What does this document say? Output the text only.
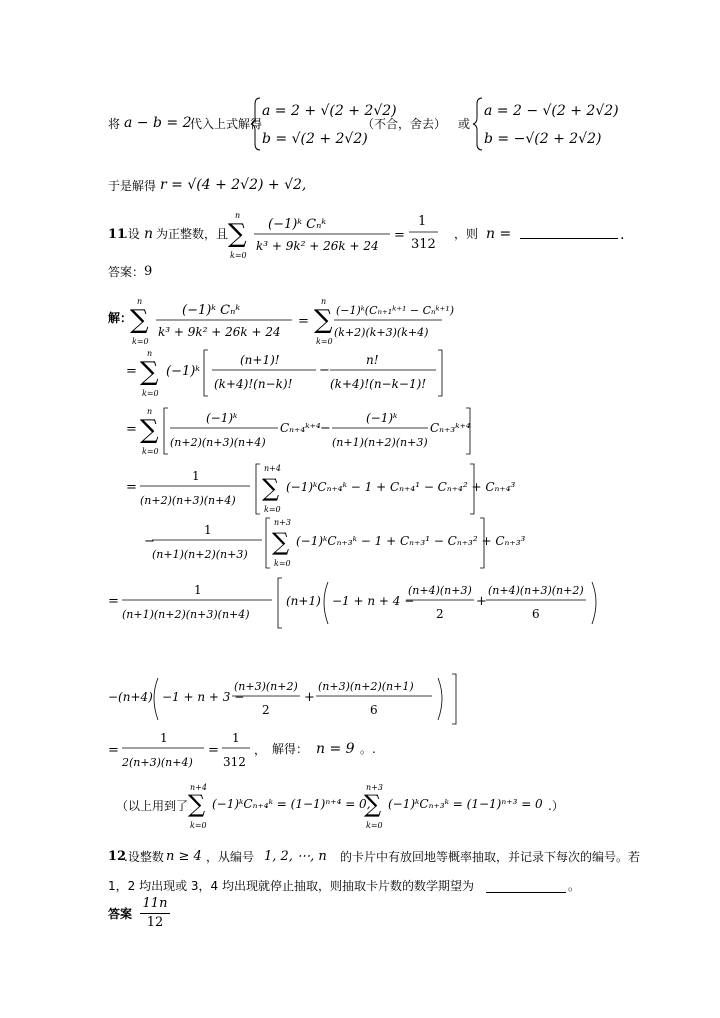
将 a − b = 2
代入上式解得
a = 2 + √(2 + 2√2)
b = √(2 + 2√2)
（不合，舍去） 或
a = 2 − √(2 + 2√2)
b = −√(2 + 2√2)
于是解得 r = √(4 + 2√2) + √2,
11
.设 n 为正整数，且 ∑
n
k=0
(−1)ᵏ Cₙᵏ
k³ + 9k² + 26k + 24
=
1
312
，则 n =	.
答案： 9
解：
∑
n
k=0
(−1)ᵏ Cₙᵏ
k³ + 9k² + 26k + 24
= ∑
n
k=0
(−1)ᵏ(Cₙ₊₁ᵏ⁺¹ − Cₙᵏ⁺¹)
(k+2)(k+3)(k+4)
= ∑
n
k=0
(−1)ᵏ
(n+1)!
(k+4)!(n−k)!
−
n!
(k+4)!(n−k−1)!
= ∑
n
k=0
(−1)ᵏ
(n+2)(n+3)(n+4)
Cₙ₊₄ᵏ⁺⁴ −
(−1)ᵏ
(n+1)(n+2)(n+3)
Cₙ₊₃ᵏ⁺⁴
=
1
(n+2)(n+3)(n+4) ∑
n+4
k=0
(−1)ᵏCₙ₊₄ᵏ − 1 + Cₙ₊₄¹ − Cₙ₊₄² + Cₙ₊₄³
−
1
(n+1)(n+2)(n+3) ∑
n+3
k=0
(−1)ᵏCₙ₊₃ᵏ − 1 + Cₙ₊₃¹ − Cₙ₊₃² + Cₙ₊₃³
=
1
(n+1)(n+2)(n+3)(n+4)
(n+1) −1 + n + 4 −
(n+4)(n+3)
2
+
(n+4)(n+3)(n+2)
6
−(n+4) −1 + n + 3 −
(n+3)(n+2)
2
+
(n+3)(n+2)(n+1)
6
=
1
2(n+3)(n+4)
=
1
312
， 解得： n = 9 。.
（以上用到了 ∑
n+4
k=0
(−1)ᵏCₙ₊₄ᵏ = (1−1)ⁿ⁺⁴ = 0,
∑
n+3
k=0
(−1)ᵏCₙ₊₃ᵏ = (1−1)ⁿ⁺³ = 0 .）
12
.设整数 n ≥ 4 ，从编号 1, 2, ⋯, n 的卡片中有放回地等概率抽取，并记录下每次的编号。若
1，2 均出现或 3，4 均出现就停止抽取，则抽取卡片数的数学期望为	。
答案
11n
12
